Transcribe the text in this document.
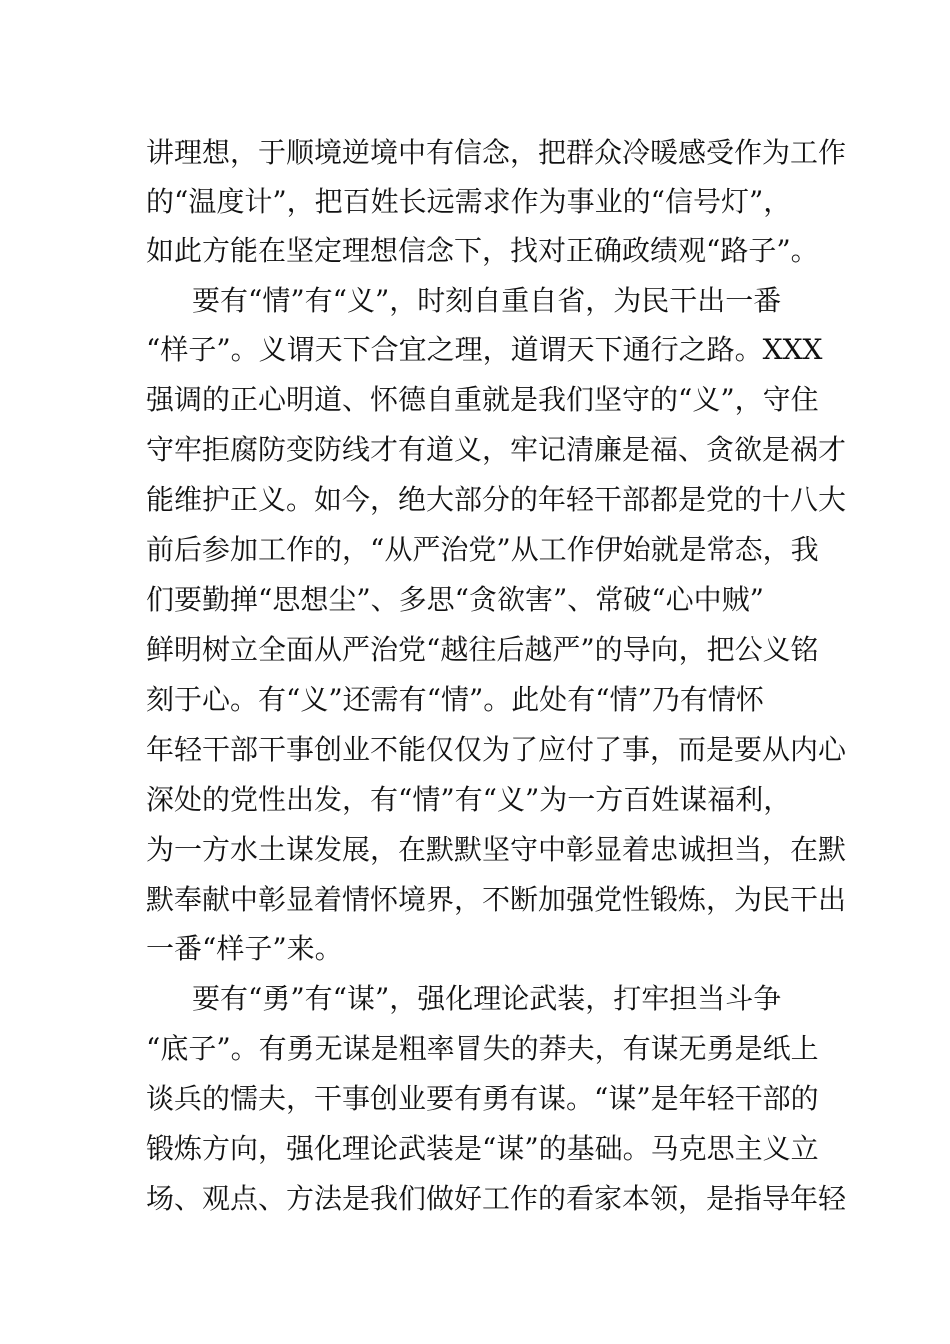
讲理想，于顺境逆境中有信念，把群众冷暖感受作为工作
的“温度计”，把百姓长远需求作为事业的“信号灯”，
如此方能在坚定理想信念下，找对正确政绩观“路子”。
要有“情”有“义”，时刻自重自省，为民干出一番
“样子”。义谓天下合宜之理，道谓天下通行之路。XXX
强调的正心明道、怀德自重就是我们坚守的“义”，守住
守牢拒腐防变防线才有道义，牢记清廉是福、贪欲是祸才
能维护正义。如今，绝大部分的年轻干部都是党的十八大
前后参加工作的，“从严治党”从工作伊始就是常态，我
们要勤掸“思想尘”、多思“贪欲害”、常破“心中贼”
鲜明树立全面从严治党“越往后越严”的导向，把公义铭
刻于心。有“义”还需有“情”。此处有“情”乃有情怀
年轻干部干事创业不能仅仅为了应付了事，而是要从内心
深处的党性出发，有“情”有“义”为一方百姓谋福利，
为一方水土谋发展，在默默坚守中彰显着忠诚担当，在默
默奉献中彰显着情怀境界，不断加强党性锻炼，为民干出
一番“样子”来。
要有“勇”有“谋”，强化理论武装，打牢担当斗争
“底子”。有勇无谋是粗率冒失的莽夫，有谋无勇是纸上
谈兵的懦夫，干事创业要有勇有谋。“谋”是年轻干部的
锻炼方向，强化理论武装是“谋”的基础。马克思主义立
场、观点、方法是我们做好工作的看家本领，是指导年轻
